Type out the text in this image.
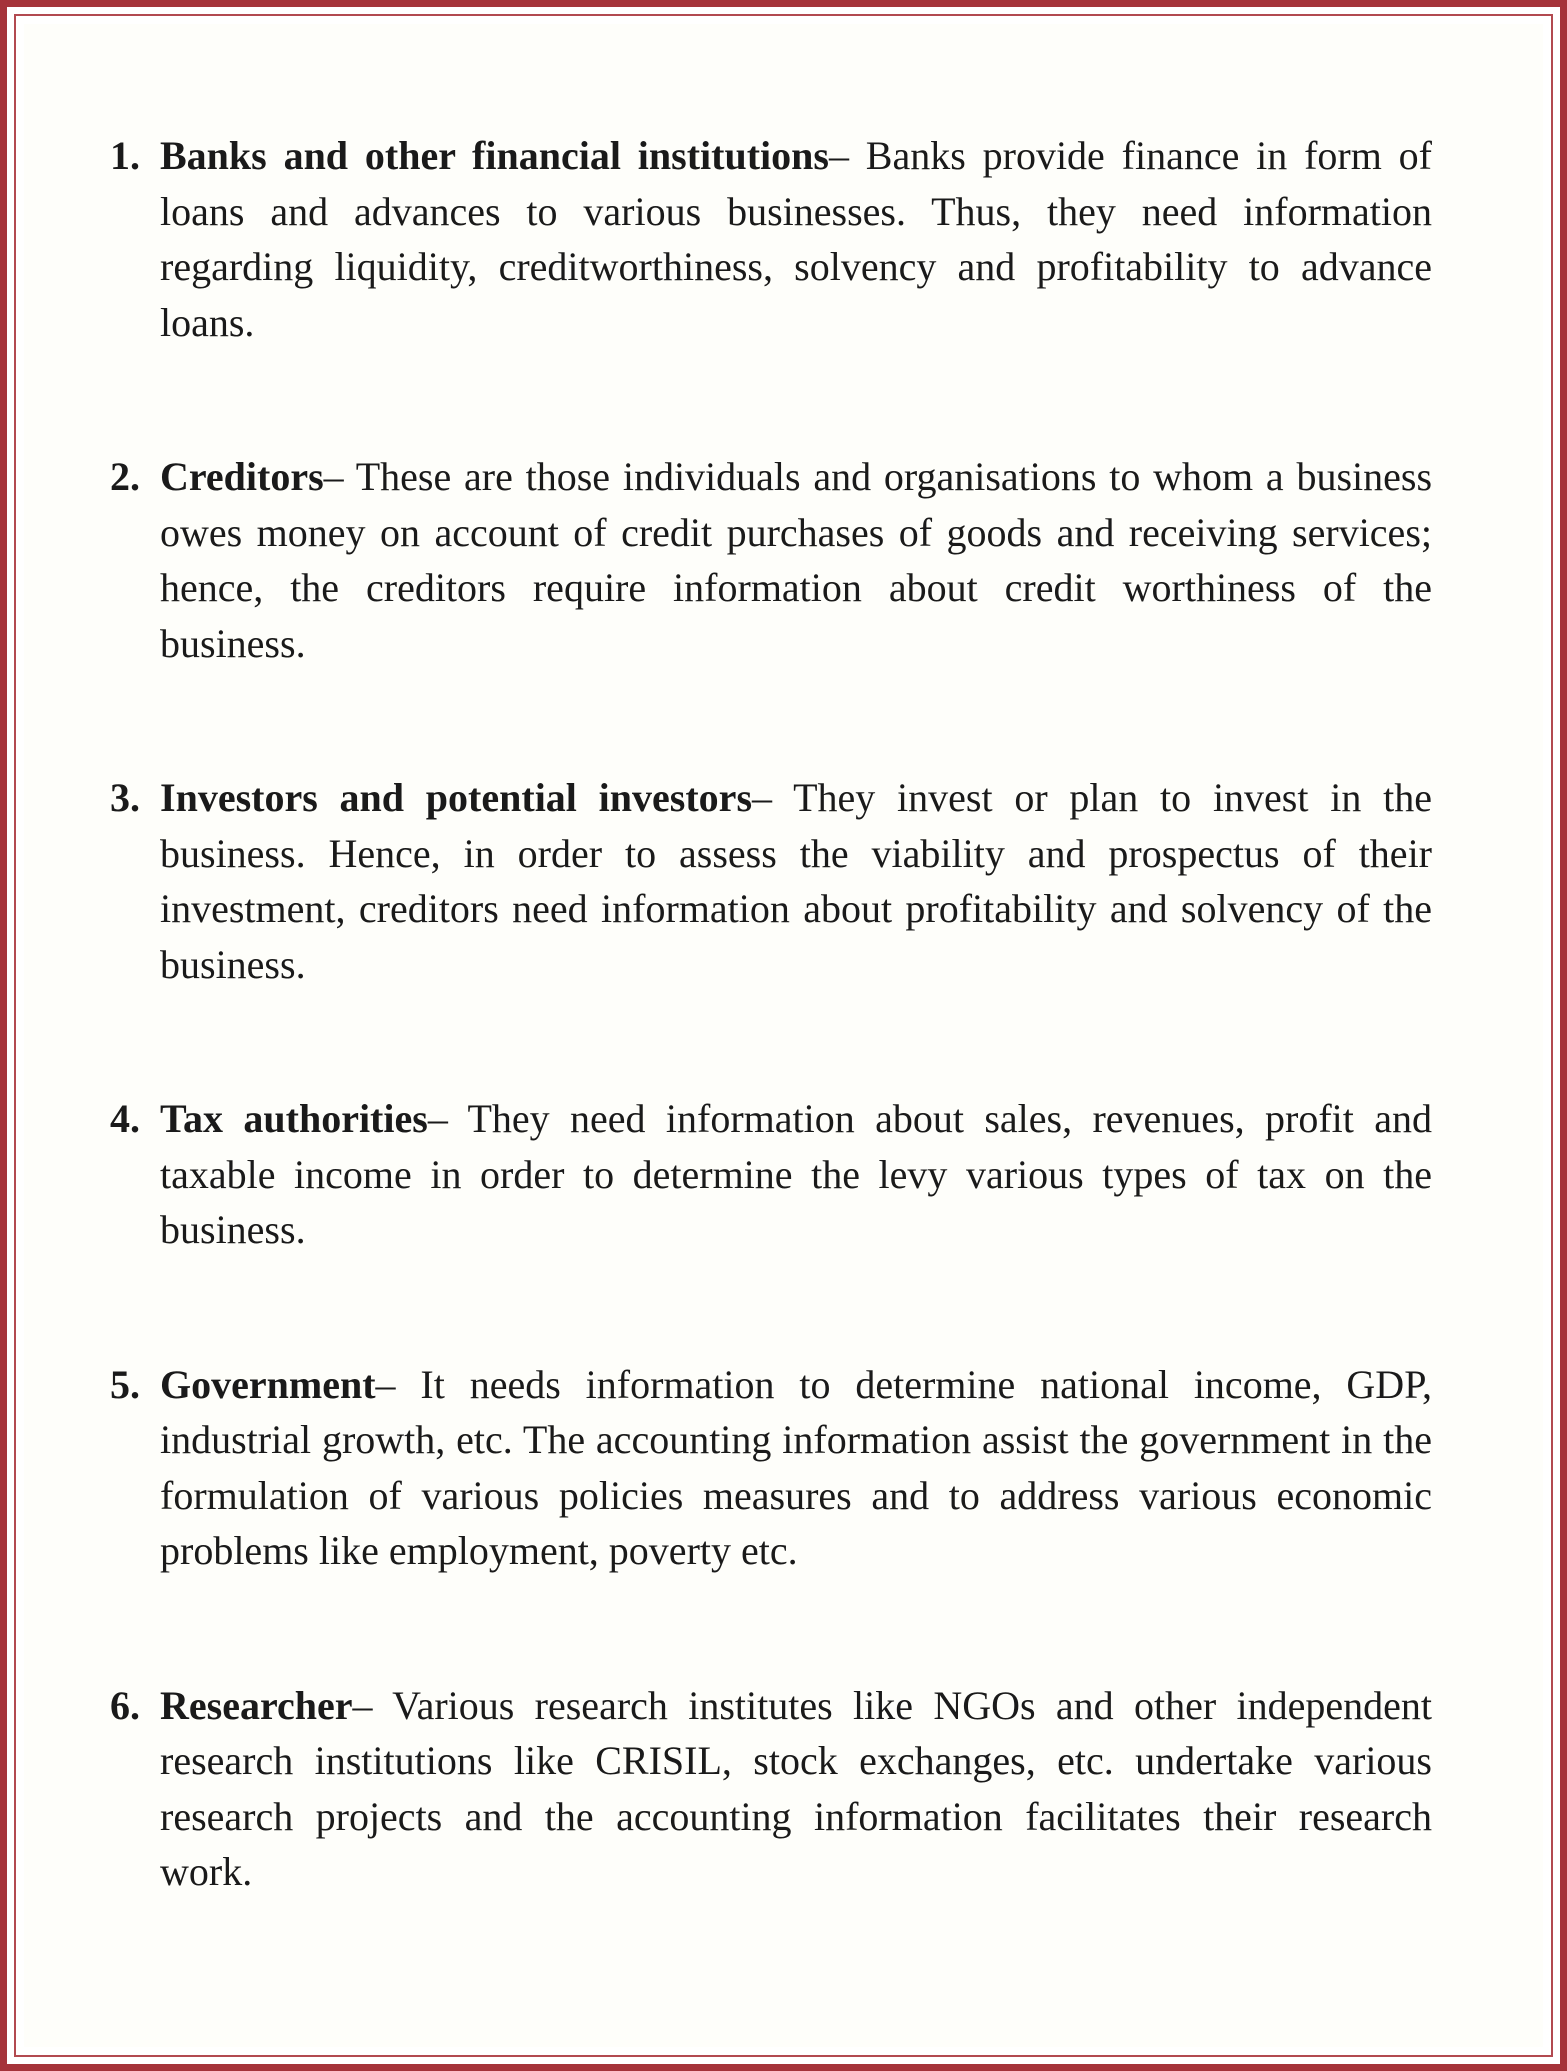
1. Banks and other financial institutions– Banks provide finance in form of loans and advances to various businesses. Thus, they need information regarding liquidity, creditworthiness, solvency and profitability to advance loans.
2. Creditors– These are those individuals and organisations to whom a business owes money on account of credit purchases of goods and receiving services; hence, the creditors require information about credit worthiness of the business.
3. Investors and potential investors– They invest or plan to invest in the business. Hence, in order to assess the viability and prospectus of their investment, creditors need information about profitability and solvency of the business.
4. Tax authorities– They need information about sales, revenues, profit and taxable income in order to determine the levy various types of tax on the business.
5. Government– It needs information to determine national income, GDP, industrial growth, etc. The accounting information assist the government in the formulation of various policies measures and to address various economic problems like employment, poverty etc.
6. Researcher– Various research institutes like NGOs and other independent research institutions like CRISIL, stock exchanges, etc. undertake various research projects and the accounting information facilitates their research work.
